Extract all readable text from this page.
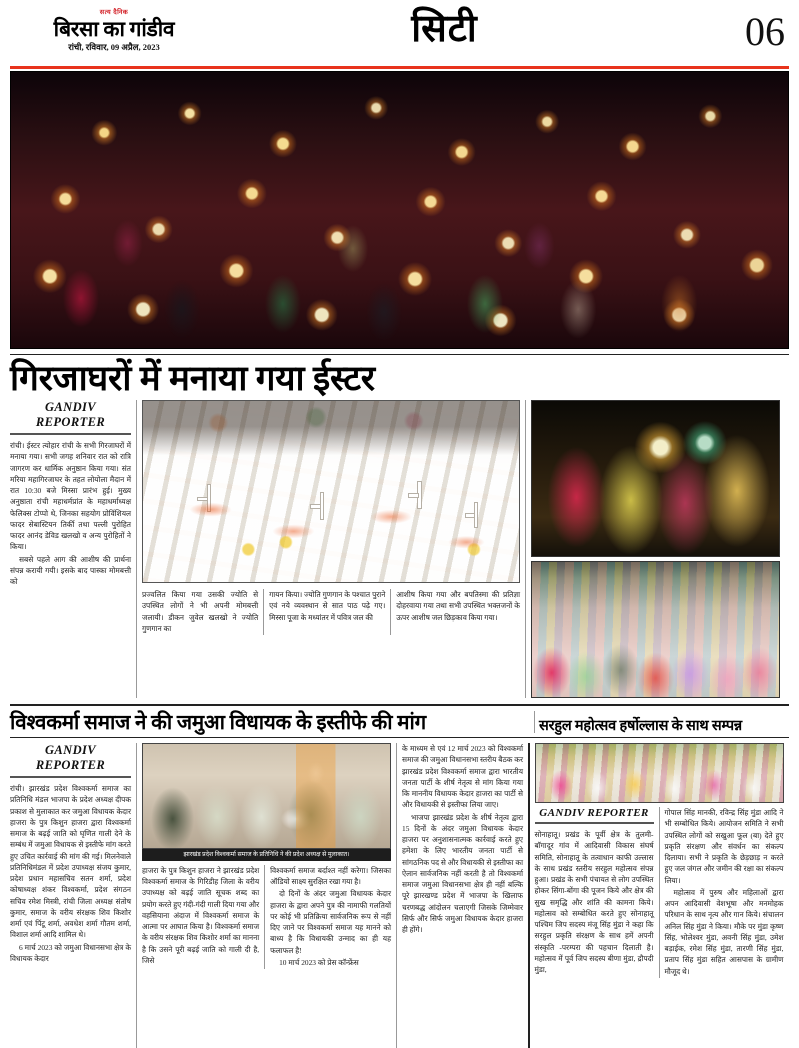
सत्य दैनिक
बिरसा का गांडीव
रांची, रविवार, 09 अप्रैल, 2023	सिटी	06
गिरजाघरों में मनाया गया ईस्टर
GANDIV REPORTER

रांची। ईस्टर त्योहार रांची के सभी गिरजाघरों में मनाया गया। सभी जगह शनिवार रात को रात्रि जागरण कर धार्मिक अनुष्ठान किया गया। संत मरिया महागिरजाघर के तहत लोयोला मैदान में रात 10:30 बजे मिस्सा प्रारंभ हुई। मुख्य अनुष्ठाता रांची महाधर्मप्रांत के महाधर्माध्यक्ष फेलिक्स टोप्पो थे, जिनका सहयोग प्रोविंशियल फादर सेबास्टियन तिर्की तथा पल्ली पुरोहित फादर आनंद डेविड खलखो व अन्य पुरोहितों ने किया।

सबसे पहले आग की आशीष की प्रार्थना संपन्न करायी गयी। इसके बाद पास्का मोमबत्ती को

प्रज्वलित किया गया उसकी ज्योति से उपस्थित लोगों ने भी अपनी मोमबत्ती जलायी। डीकन जुवेल खलखो ने ज्योति गुणगान का

गायन किया। ज्योति गुणगान के पश्चात पुराने एवं नये व्यवस्थान से सात पाठ पढ़े गए। मिस्सा पूजा के मध्यांतर में पवित्र जल की

आशीष किया गया और बपतिस्मा की प्रतिज्ञा दोहरवाया गया तथा सभी उपस्थित भक्तजनों के ऊपर आशीष जल छिड़काव किया गया।

विश्वकर्मा समाज ने की जमुआ विधायक के इस्तीफे की मांग	सरहुल महोत्सव हर्षोल्लास के साथ सम्पन्न
GANDIV REPORTER

रांची। झारखंड प्रदेश विश्वकर्मा समाज का प्रतिनिधि मंडल भाजपा के प्रदेश अध्यक्ष दीपक प्रकाश से मुलाकात कर जमुआ विधायक केदार हाजरा के पुत्र किशुन हाजरा द्वारा विश्वकर्मा समाज के बढ़ई जाति को घृणित गाली देने के सम्बंध में जमुआ विधायक से इस्तीफे मांग करते हुए उचित कार्रवाई की मांग की गई। मिलनेवाले प्रतिनिधिमंडल में प्रदेश उपाध्यक्ष संजय कुमार, प्रदेश प्रधान महासचिव सतन शर्मा, प्रदेश कोषाध्यक्ष शंकर विश्वकर्मा, प्रदेश संगठन सचिव रमेश मिस्त्री, रांची जिला अध्यक्ष संतोष कुमार, समाज के वरीय संरक्षक शिव किशोर शर्मा एवं पिंटू शर्मा, अवधेश शर्मा गौतम शर्मा, विशाल शर्मा आदि शामिल थे।

6 मार्च 2023 को जमुआ विधानसभा क्षेत्र के विधायक केदार

झारखंड प्रदेश विश्वकर्मा समाज के प्रतिनिधि ने की प्रदेश अध्यक्ष से मुलाकात।

हाजरा के पुत्र किशुन हाजरा ने झारखंड प्रदेश विश्वकर्मा समाज के गिरिडीह जिला के वरीय उपाध्यक्ष को बढ़ई जाति सूचक शब्द का प्रयोग करते हुए गंदी-गंदी गाली दिया गया और वहसियाना अंदाज में विश्वकर्मा समाज के आत्मा पर आघात किया है। विश्वकर्मा समाज के वरीय संरक्षक शिव किशोर शर्मा का मानना है कि उसने पूरी बढ़ई जाति को गाली दी है, जिसे

विश्वकर्मा समाज बर्दाश्त नहीं करेगा। जिसका ऑडियो साक्ष्य सुरक्षित रखा गया है।

दो दिनों के अंदर जमुआ विधायक केदार हाजरा के द्वारा अपने पुत्र की नामाफी गलतियों पर कोई भी प्रतिक्रिया सार्वजनिक रूप से नहीं दिए जाने पर विश्वकर्मा समाज यह मानने को बाध्य है कि विधायकी उन्माद का ही यह फलाफल है!

10 मार्च 2023 को प्रेस कॉन्फ्रेंस

के माध्यम से एवं 12 मार्च 2023 को विश्वकर्मा समाज की जमुआ विधानसभा स्तरीय बैठक कर झारखंड प्रदेश विश्वकर्मा समाज द्वारा भारतीय जनता पार्टी के शीर्ष नेतृत्व से मांग किया गया कि माननीय विधायक केदार हाजरा का पार्टी से और विधायकी से इस्तीफा लिया जाए।

भाजपा झारखंड प्रदेश के शीर्ष नेतृत्व द्वारा 15 दिनों के अंदर जमुआ विधायक केदार हाजरा पर अनुशासनात्मक कार्रवाई करते हुए हमेशा के लिए भारतीय जनता पार्टी से सांगठनिक पद से और विधायकी से इस्तीफा का ऐलान सार्वजनिक नहीं करती है तो विश्वकर्मा समाज जमुआ विधानसभा क्षेत्र ही नहीं बल्कि पूरे झारखण्ड प्रदेश में भाजपा के खिलाफ चरणबद्ध आंदोलन चलाएगी जिसके जिम्मेवार सिर्फ और सिर्फ जमुआ विधायक केदार हाजरा ही होंगे।

GANDIV REPORTER

सोनाहातू। प्रखंड के पूर्वी क्षेत्र के तुलमी-बॉगादूर गांव में आदिवासी विकास संघर्ष समिति, सोनाहातू के तत्वाधान काफी उल्लास के साथ प्रखंड स्तरीय सरहुल महोत्सव संपन्न हुआ। प्रखंड के सभी पंचायत से लोग उपस्थित होकर सिंगा-बोंगा की पूजन किये और क्षेत्र की सुख समृद्धि और शांति की कामना किये। महोत्सव को सम्बोधित करते हुए सोनाहातू पश्चिम जिप सदस्य मंजू सिंह मुंडा ने कहा कि सरहुल प्रकृति संरक्षण के साथ हमें अपनी संस्कृति -परम्परा की पहचान दिलाती है। महोत्सव में पूर्व जिप सदस्य बीणा मुंडा, द्रौपदी मुंडा,

गोपाल सिंह मानकी, रविन्द्र सिंह मुंडा आदि ने भी सम्बोधित किये। आयोजन समिति ने सभी उपस्थित लोगों को सखुआ फूल (बा) देते हुए प्रकृति संरक्षण और संवर्धन का संकल्प दिलाया। सभी ने प्रकृति के छेड़छाड़ न करते हुए जल जंगल और जमीन की रक्षा का संकल्प लिया।

महोत्सव में पुरुष और महिलाओं द्वारा अपन आदिवासी वेशभूषा और मनमोहक परिधान के साथ नृत्य और गान किये। संचालन अनिल सिंह मुंडा ने किया। मौके पर मुंडा कृष्ण सिंह, भोलेश्वर मुंडा, अवनी सिंह मुंडा, उमेश बड़ाईक, रमेश सिंह मुंडा, तारणी सिंह मुंडा, प्रताप सिंह मुंडा सहित आसपास के ग्रामीण मौजूद थे।
